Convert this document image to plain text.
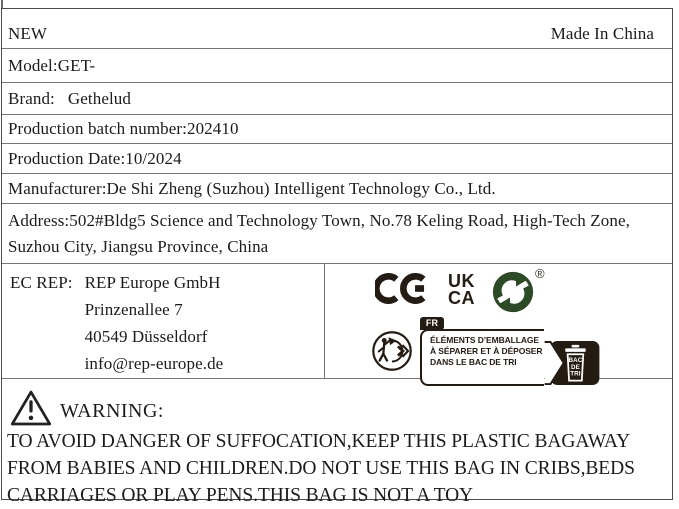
NEW	Made In China
Model:GET-
Brand: Gethelud
Production batch number:202410
Production Date:10/2024
Manufacturer:De Shi Zheng (Suzhou) Intelligent Technology Co., Ltd.
Address:502#Bldg5 Science and Technology Town, No.78 Keling Road, High-Tech Zone, Suzhou City, Jiangsu Province, China
EC REP: REP Europe GmbH
Prinzenallee 7
40549 Düsseldorf
info@rep-europe.de
UK
CA
®
FR
ÉLÉMENTS D’EMBALLAGE
À SÉPARER ET À DÉPOSER
DANS LE BAC DE TRI	BAC
DE
TRI
WARNING:
TO AVOID DANGER OF SUFFOCATION,KEEP THIS PLASTIC BAGAWAY
FROM BABIES AND CHILDREN.DO NOT USE THIS BAG IN CRIBS,BEDS
CARRIAGES OR PLAY PENS.THIS BAG IS NOT A TOY
